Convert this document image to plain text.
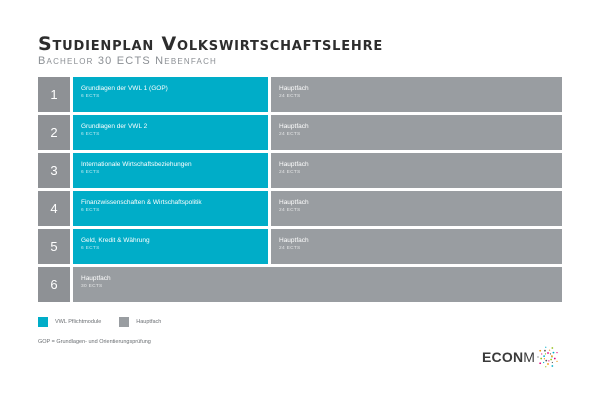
Studienplan Volkswirtschaftslehre
Bachelor 30 ECTS Nebenfach
1	Grundlagen der VWL 1 (GOP)
6 ECTS
Hauptfach
24 ECTS
2	Grundlagen der VWL 2
6 ECTS
Hauptfach
24 ECTS
3	Internationale Wirtschaftsbeziehungen
6 ECTS
Hauptfach
24 ECTS
4	Finanzwissenschaften & Wirtschaftspolitik
6 ECTS
Hauptfach
24 ECTS
5	Geld, Kredit & Währung
6 ECTS
Hauptfach
24 ECTS
6	Hauptfach
30 ECTS
VWL Pflichtmodule	Hauptfach
GOP = Grundlagen- und Orientierungsprüfung
ECONM
